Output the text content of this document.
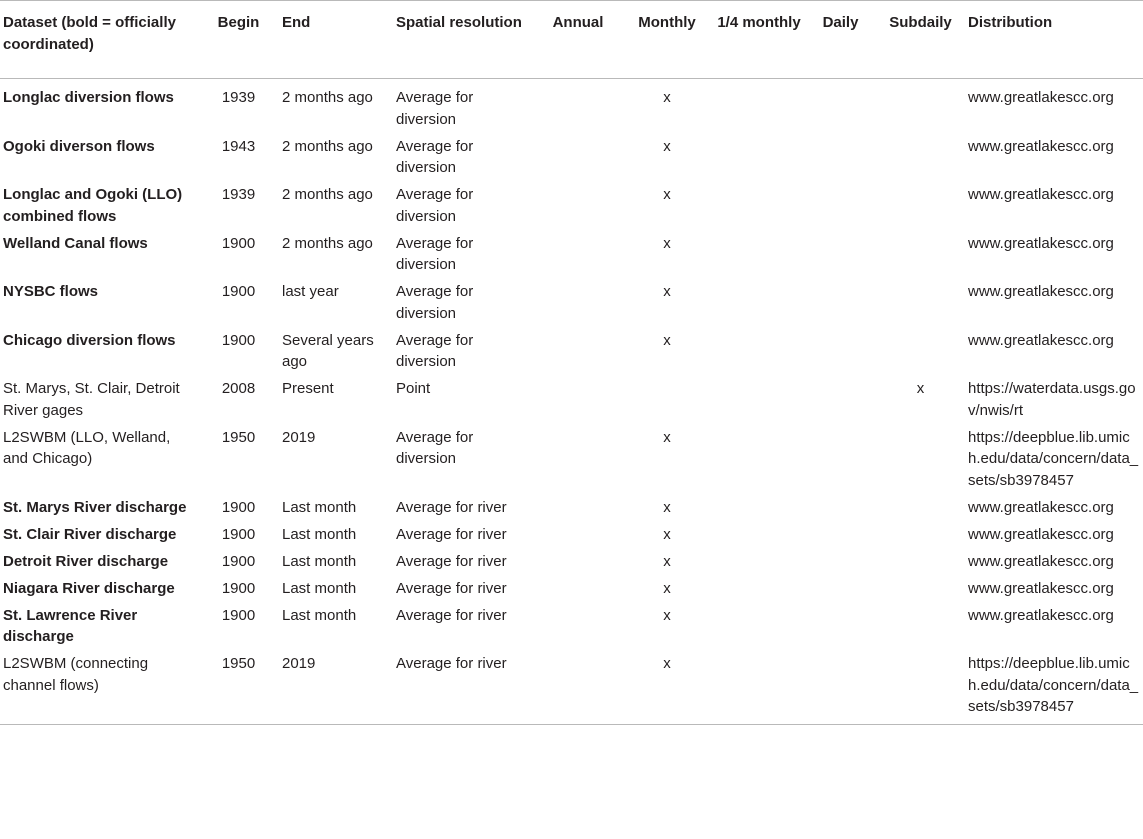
Dataset (bold = officially coordinated)	Begin	End	Spatial resolution	Annual	Monthly	1/4 monthly	Daily	Subdaily	Distribution
Longlac diversion flows	1939	2 months ago	Average for diversion		x				www.greatlakescc.org
Ogoki diverson flows	1943	2 months ago	Average for diversion		x				www.greatlakescc.org
Longlac and Ogoki (LLO) combined flows	1939	2 months ago	Average for diversion		x				www.greatlakescc.org
Welland Canal flows	1900	2 months ago	Average for diversion		x				www.greatlakescc.org
NYSBC flows	1900	last year	Average for diversion		x				www.greatlakescc.org
Chicago diversion flows	1900	Several years ago	Average for diversion		x				www.greatlakescc.org
St. Marys, St. Clair, Detroit River gages	2008	Present	Point					x	https://waterdata.usgs.gov/nwis/rt
L2SWBM (LLO, Welland, and Chicago)	1950	2019	Average for diversion		x				https://deepblue.lib.umich.edu/data/concern/data_sets/sb3978457
St. Marys River discharge	1900	Last month	Average for river		x				www.greatlakescc.org
St. Clair River discharge	1900	Last month	Average for river		x				www.greatlakescc.org
Detroit River discharge	1900	Last month	Average for river		x				www.greatlakescc.org
Niagara River discharge	1900	Last month	Average for river		x				www.greatlakescc.org
St. Lawrence River discharge	1900	Last month	Average for river		x				www.greatlakescc.org
L2SWBM (connecting channel flows)	1950	2019	Average for river		x				https://deepblue.lib.umich.edu/data/concern/data_sets/sb3978457
